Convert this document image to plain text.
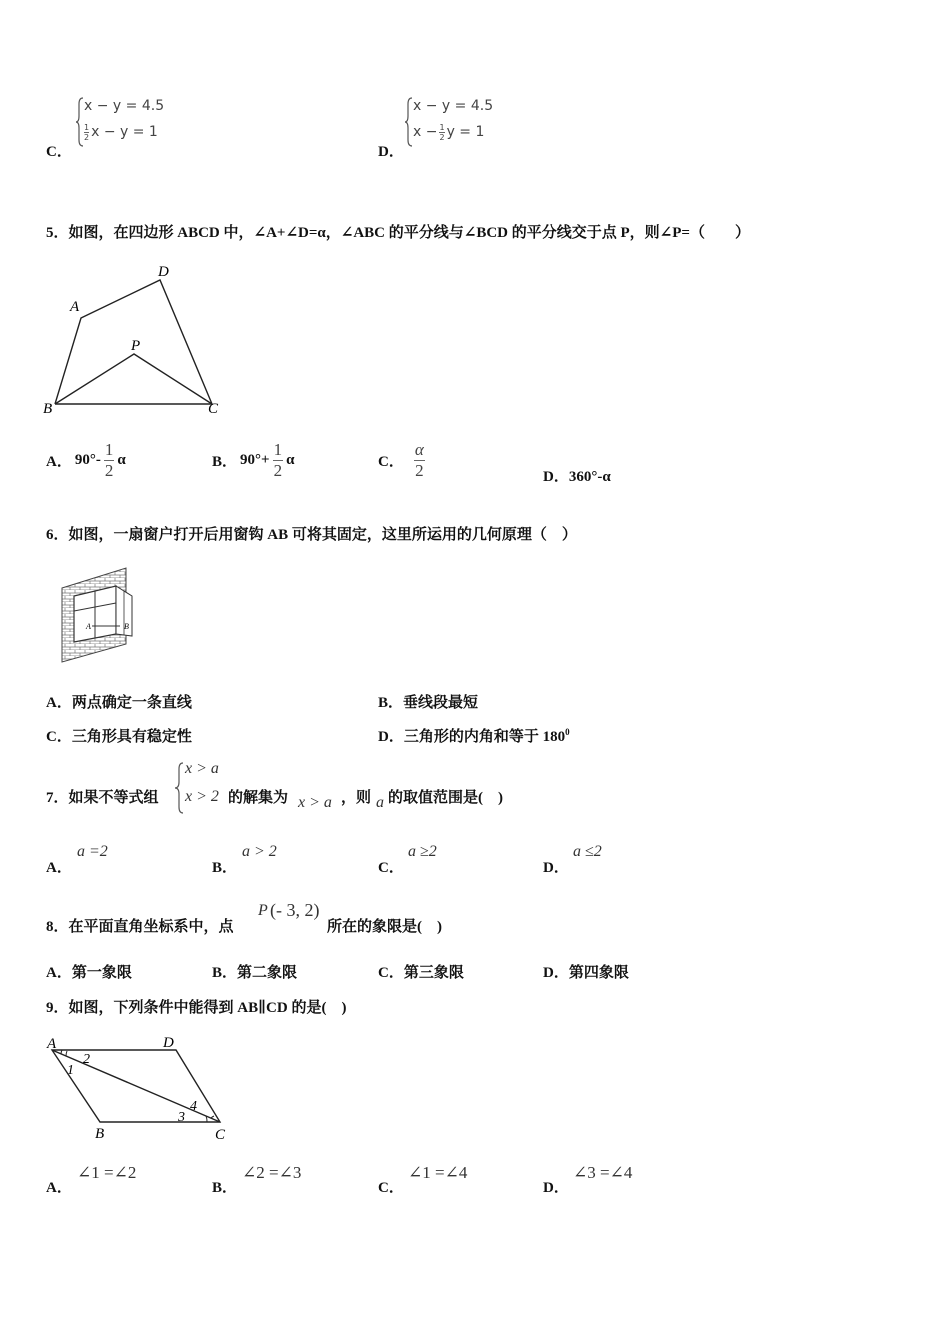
C．
x − y = 4.5
$\frac{1}{2}$ x − y = 1
D．
x − y = 4.5
$x - \frac{1}{2}$ y = 1
5．如图，在四边形 ABCD 中，∠A+∠D=α，∠ABC 的平分线与∠BCD 的平分线交于点 P，则∠P=（　　）
A
D
P
B	C
A． $90^\circ- \frac{1}{2}$ α	B． $90^\circ+ \frac{1}{2}$ α	C． $\frac{\alpha}{2}$	D．360°-α
6．如图，一扇窗户打开后用窗钩 AB 可将其固定，这里所运用的几何原理（　）
A	B
A．两点确定一条直线	B．垂线段最短
C．三角形具有稳定性	D．三角形的内角和等于 $180^0$
7．如果不等式组
x > a
x > 2 的解集为 x > a ，则 a 的取值范围是(　)
A．
a =2
B．
a > 2
C．
a ≥2
D．
a ≤2
8．在平面直角坐标系中，点
P (- 3, 2)
所在的象限是(　)
A．第一象限	B．第二象限	C．第三象限	D．第四象限
9．如图，下列条件中能得到 AB∥CD 的是(　)
A	D
B	C
2
1
3
4
A．
∠1 =∠2
B．
∠2 =∠3
C．
∠1 =∠4
D．
∠3 =∠4
